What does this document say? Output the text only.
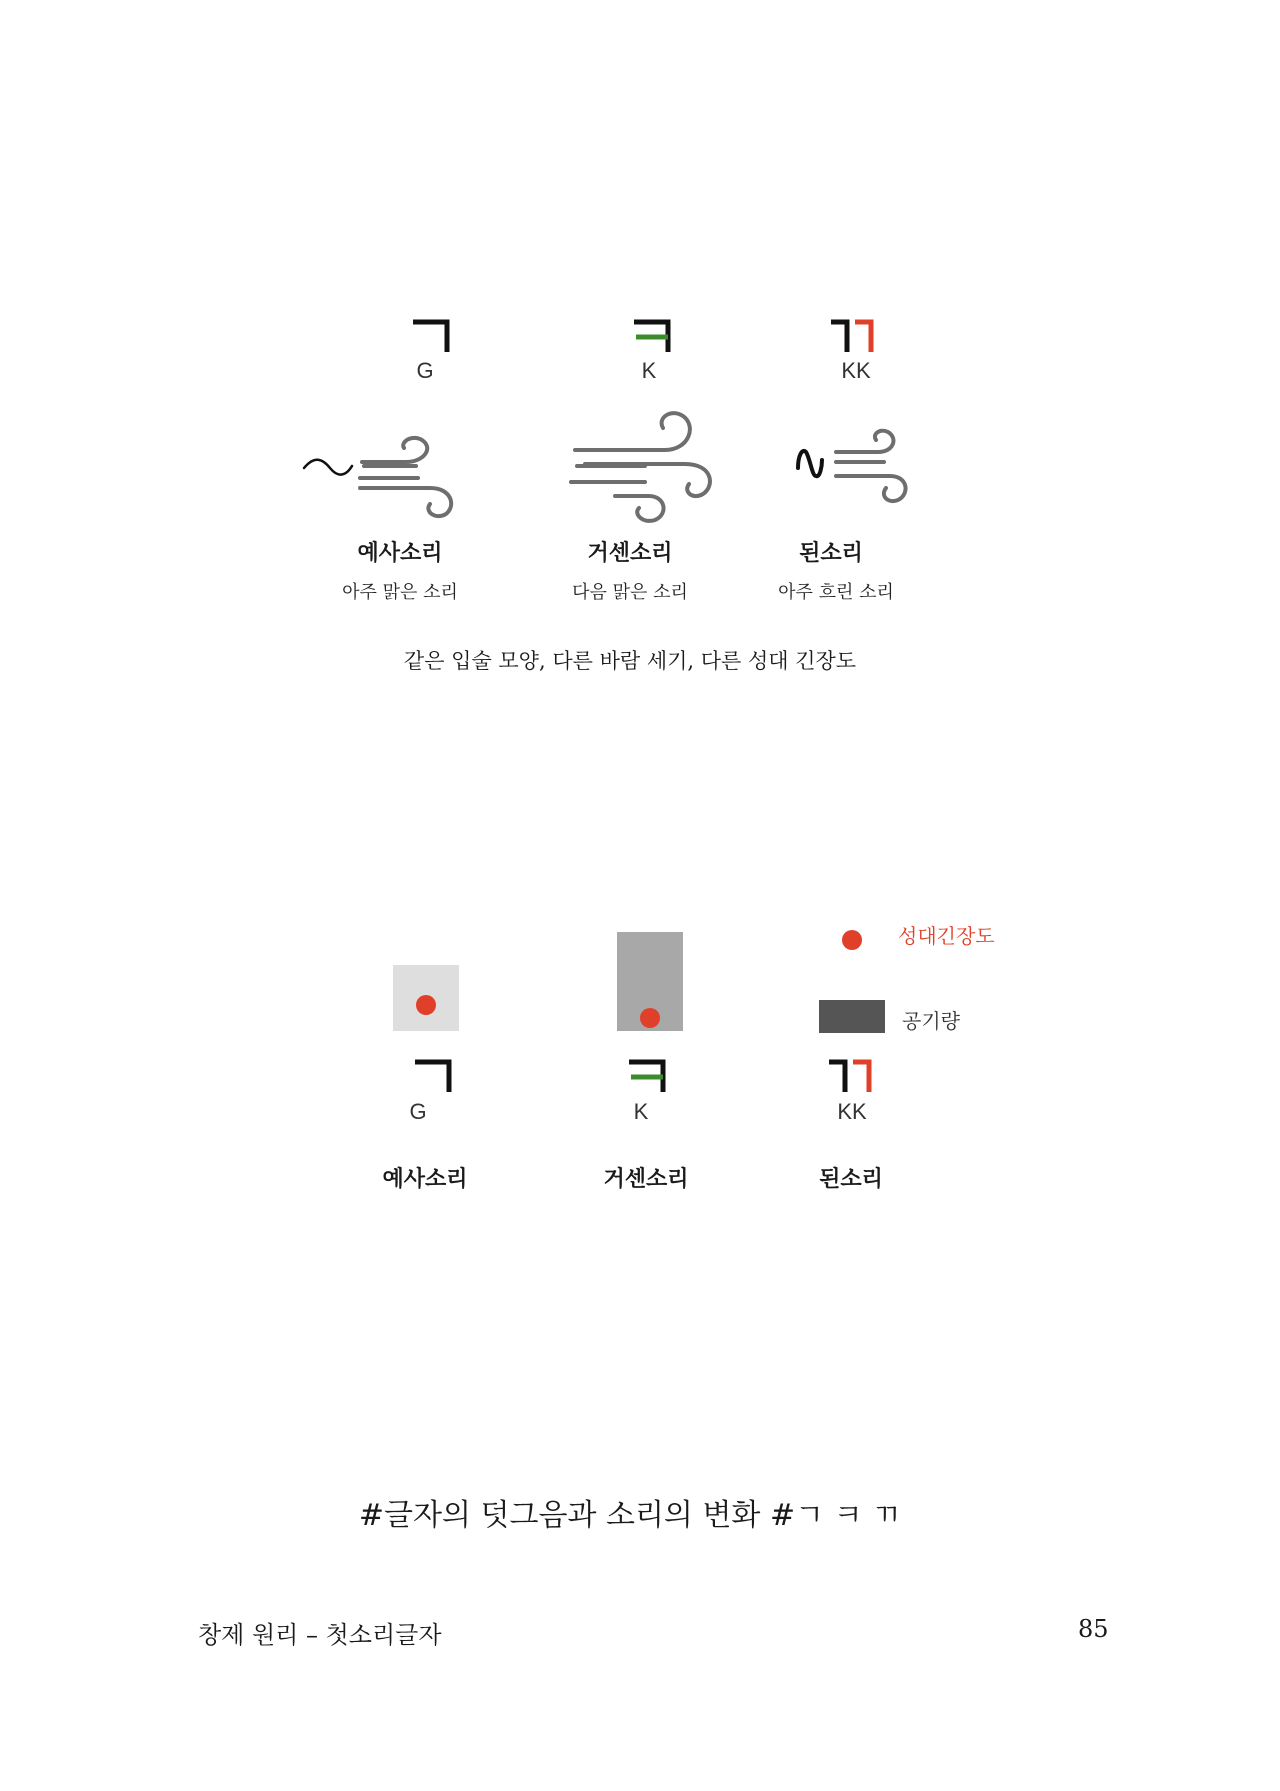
G	K	KK
예사소리	거센소리	된소리
아주 맑은 소리	다음 맑은 소리	아주 흐린 소리
같은 입술 모양, 다른 바람 세기, 다른 성대 긴장도
성대긴장도
공기량
G	K	KK
예사소리	거센소리	된소리
#글자의 덧그음과 소리의 변화 #ㄱ ㅋ ㄲ
창제 원리 – 첫소리글자	85
